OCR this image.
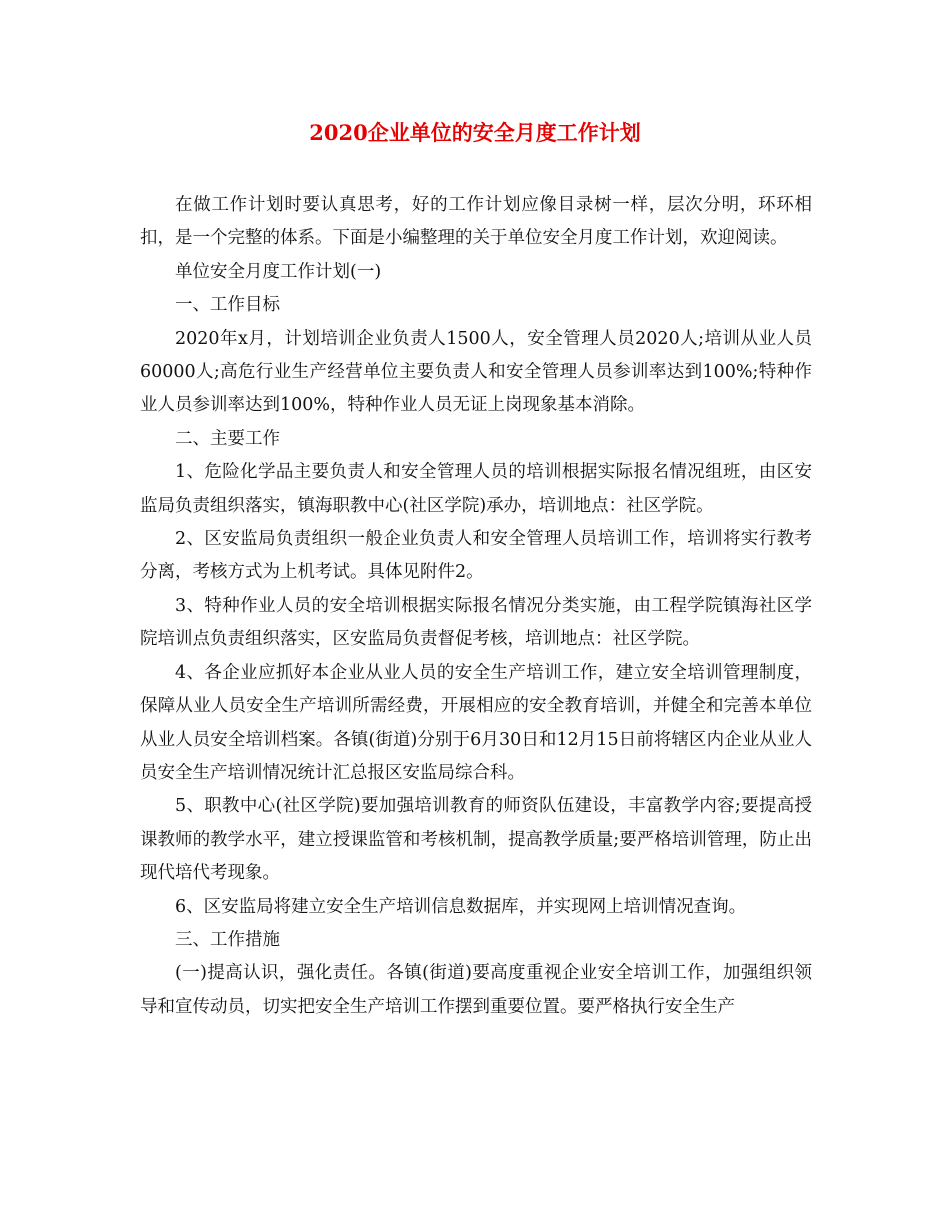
2020企业单位的安全月度工作计划

在做工作计划时要认真思考，好的工作计划应像目录树一样，层次分明，环环相扣，是一个完整的体系。下面是小编整理的关于单位安全月度工作计划，欢迎阅读。

单位安全月度工作计划(一)

一、工作目标

2020年x月，计划培训企业负责人1500人，安全管理人员2020人;培训从业人员60000人;高危行业生产经营单位主要负责人和安全管理人员参训率达到100%;特种作业人员参训率达到100%，特种作业人员无证上岗现象基本消除。

二、主要工作

1、危险化学品主要负责人和安全管理人员的培训根据实际报名情况组班，由区安监局负责组织落实，镇海职教中心(社区学院)承办，培训地点：社区学院。

2、区安监局负责组织一般企业负责人和安全管理人员培训工作，培训将实行教考分离，考核方式为上机考试。具体见附件2。

3、特种作业人员的安全培训根据实际报名情况分类实施，由工程学院镇海社区学院培训点负责组织落实，区安监局负责督促考核，培训地点：社区学院。

4、各企业应抓好本企业从业人员的安全生产培训工作，建立安全培训管理制度，保障从业人员安全生产培训所需经费，开展相应的安全教育培训，并健全和完善本单位从业人员安全培训档案。各镇(街道)分别于6月30日和12月15日前将辖区内企业从业人员安全生产培训情况统计汇总报区安监局综合科。

5、职教中心(社区学院)要加强培训教育的师资队伍建设，丰富教学内容;要提高授课教师的教学水平，建立授课监管和考核机制，提高教学质量;要严格培训管理，防止出现代培代考现象。

6、区安监局将建立安全生产培训信息数据库，并实现网上培训情况查询。

三、工作措施

(一)提高认识，强化责任。各镇(街道)要高度重视企业安全培训工作，加强组织领导和宣传动员，切实把安全生产培训工作摆到重要位置。要严格执行安全生产
